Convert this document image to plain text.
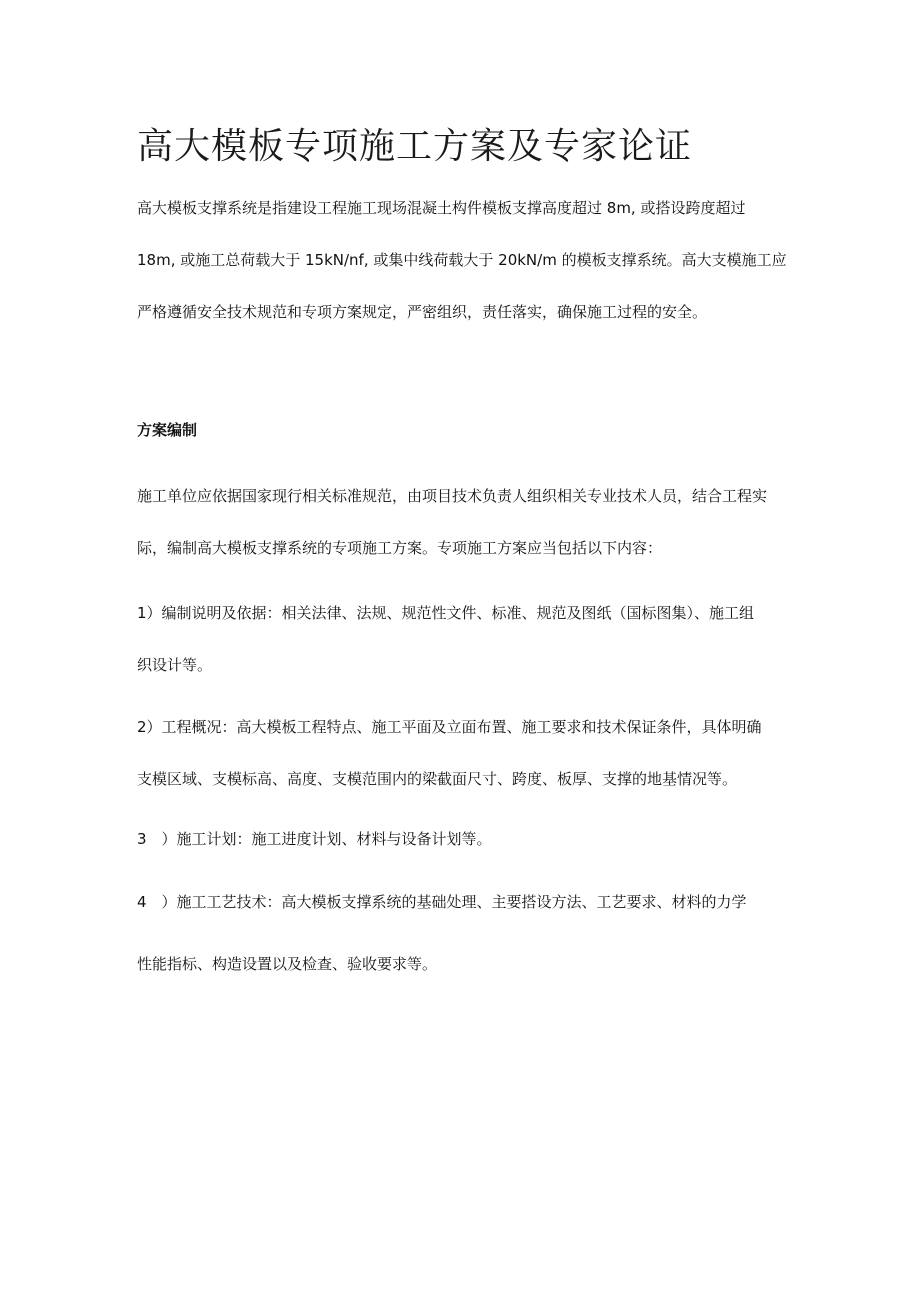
高大模板专项施工方案及专家论证

高大模板支撑系统是指建设工程施工现场混凝土构件模板支撑高度超过 8m, 或搭设跨度超过
18m, 或施工总荷载大于 15kN/nf, 或集中线荷载大于 20kN/m 的模板支撑系统。高大支模施工应
严格遵循安全技术规范和专项方案规定，严密组织，责任落实，确保施工过程的安全。

方案编制

施工单位应依据国家现行相关标准规范，由项目技术负责人组织相关专业技术人员，结合工程实
际，编制高大模板支撑系统的专项施工方案。专项施工方案应当包括以下内容：

1）编制说明及依据：相关法律、法规、规范性文件、标准、规范及图纸（国标图集）、施工组
织设计等。

2）工程概况：高大模板工程特点、施工平面及立面布置、施工要求和技术保证条件，具体明确
支模区域、支模标高、高度、支模范围内的梁截面尺寸、跨度、板厚、支撑的地基情况等。

3　）施工计划：施工进度计划、材料与设备计划等。

4　）施工工艺技术：高大模板支撑系统的基础处理、主要搭设方法、工艺要求、材料的力学
性能指标、构造设置以及检查、验收要求等。
